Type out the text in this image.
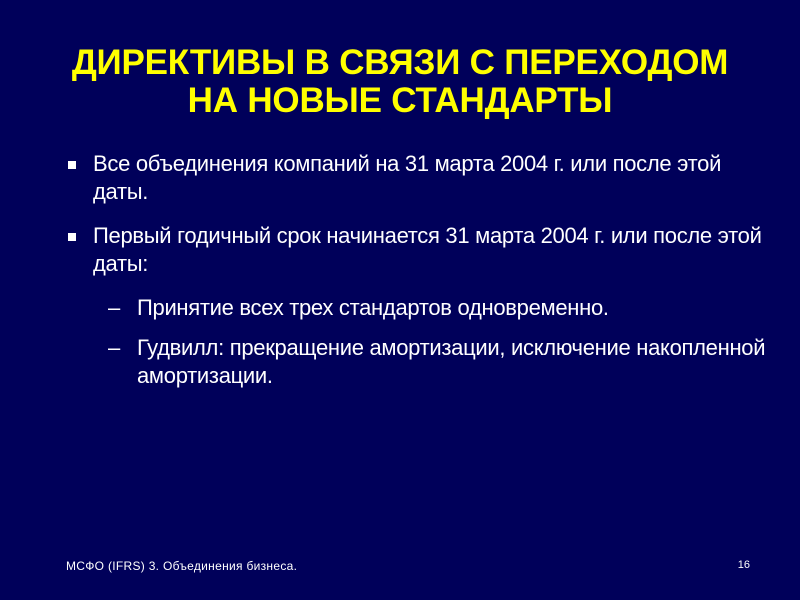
ДИРЕКТИВЫ В СВЯЗИ С ПЕРЕХОДОМ
НА НОВЫЕ СТАНДАРТЫ
Все объединения компаний на 31 марта 2004 г. или после этой даты.
Первый годичный срок начинается 31 марта 2004 г. или после этой даты:
– Принятие всех трех стандартов одновременно.
– Гудвилл: прекращение амортизации, исключение накопленной амортизации.
МСФО (IFRS) 3. Объединения бизнеса.	16
